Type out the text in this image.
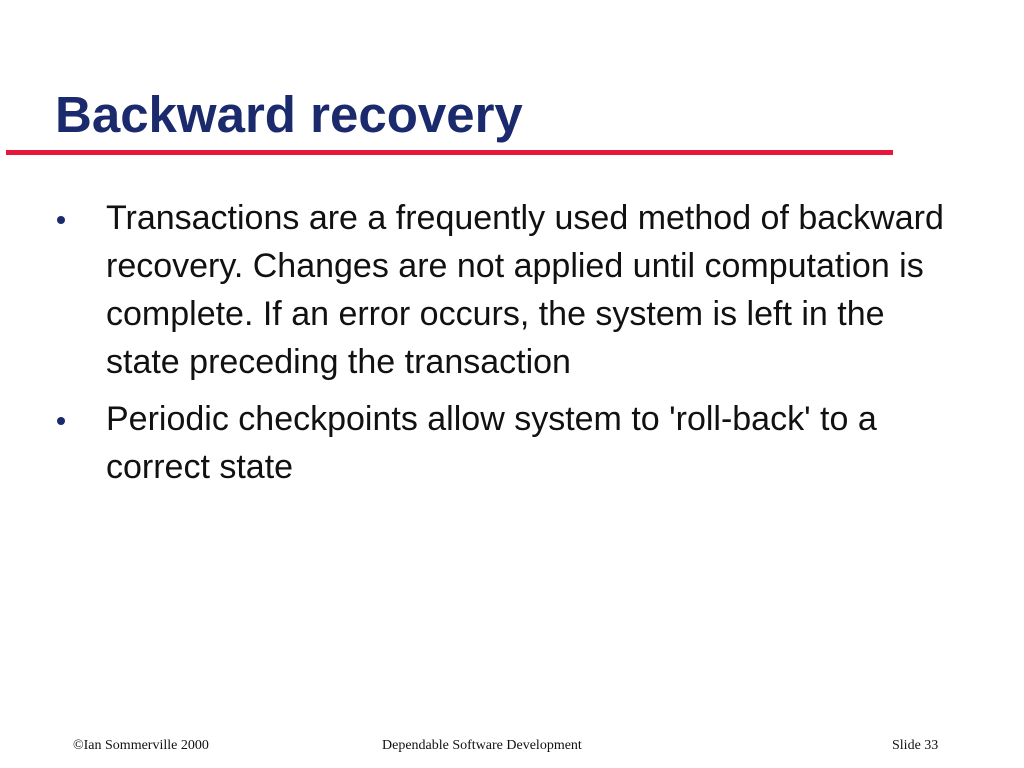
Backward recovery
Transactions are a frequently used method of backward recovery. Changes are not applied until computation is complete. If an error occurs, the system is left in the state preceding the transaction
Periodic checkpoints allow system to 'roll-back' to a correct state
©Ian Sommerville 2000	Dependable Software Development	Slide 33
